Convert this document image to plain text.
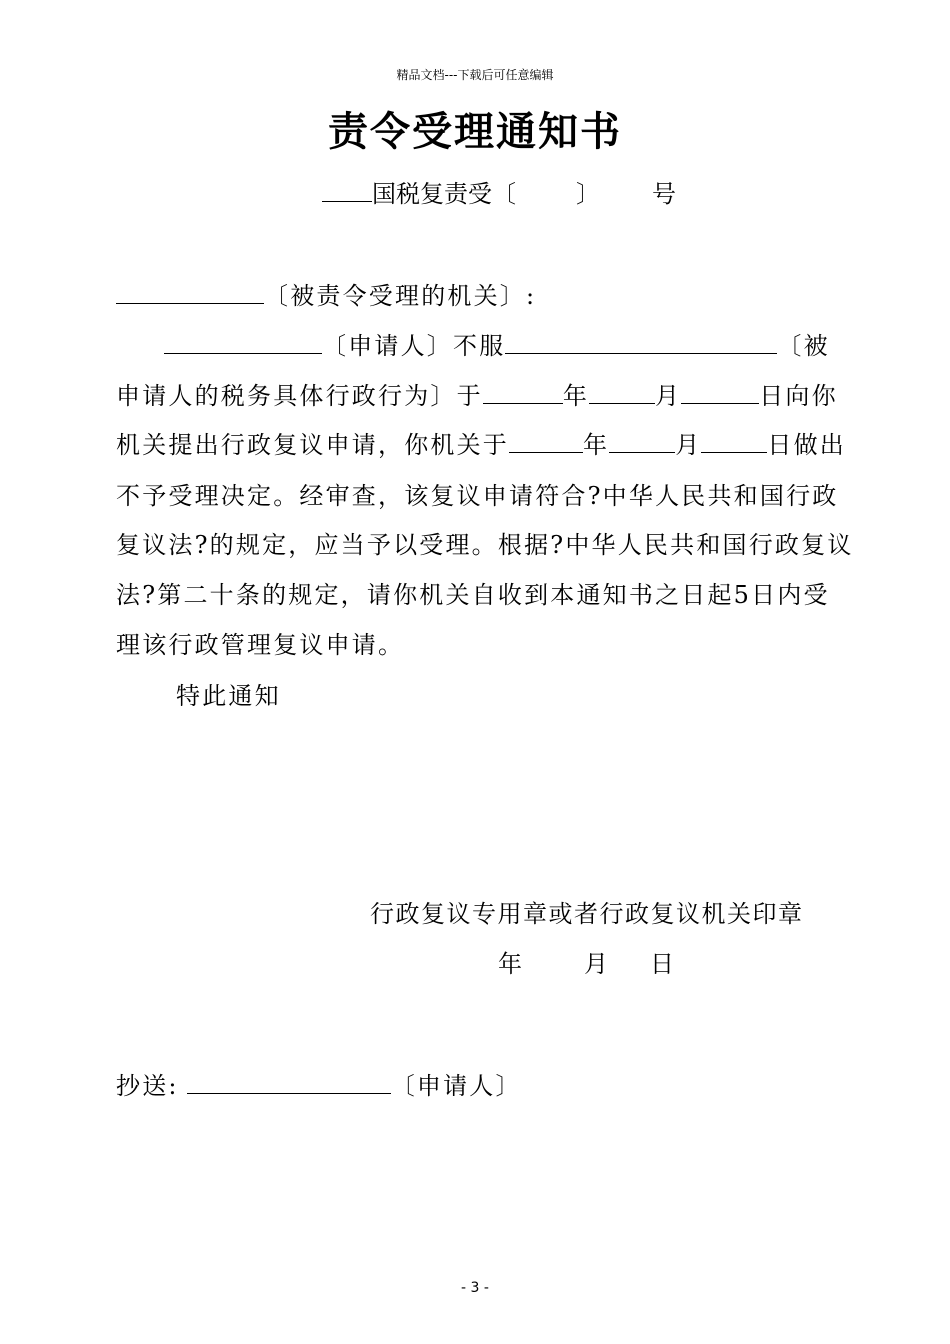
精品文档---下载后可任意编辑
责令受理通知书
国税复责受〔	〕 号
〔被责令受理的机关〕:
〔申请人〕不服	〔被
申请人的税务具体行政行为〕于	年	月	日向你
机关提出行政复议申请，你机关于	年	月	日做出
不予受理决定。经审查，该复议申请符合?中华人民共和国行政
复议法?的规定，应当予以受理。根据?中华人民共和国行政复议
法?第二十条的规定，请你机关自收到本通知书之日起5日内受
理该行政管理复议申请。
特此通知
行政复议专用章或者行政复议机关印章
年	月 日
抄送:	〔申请人〕
- 3 -
